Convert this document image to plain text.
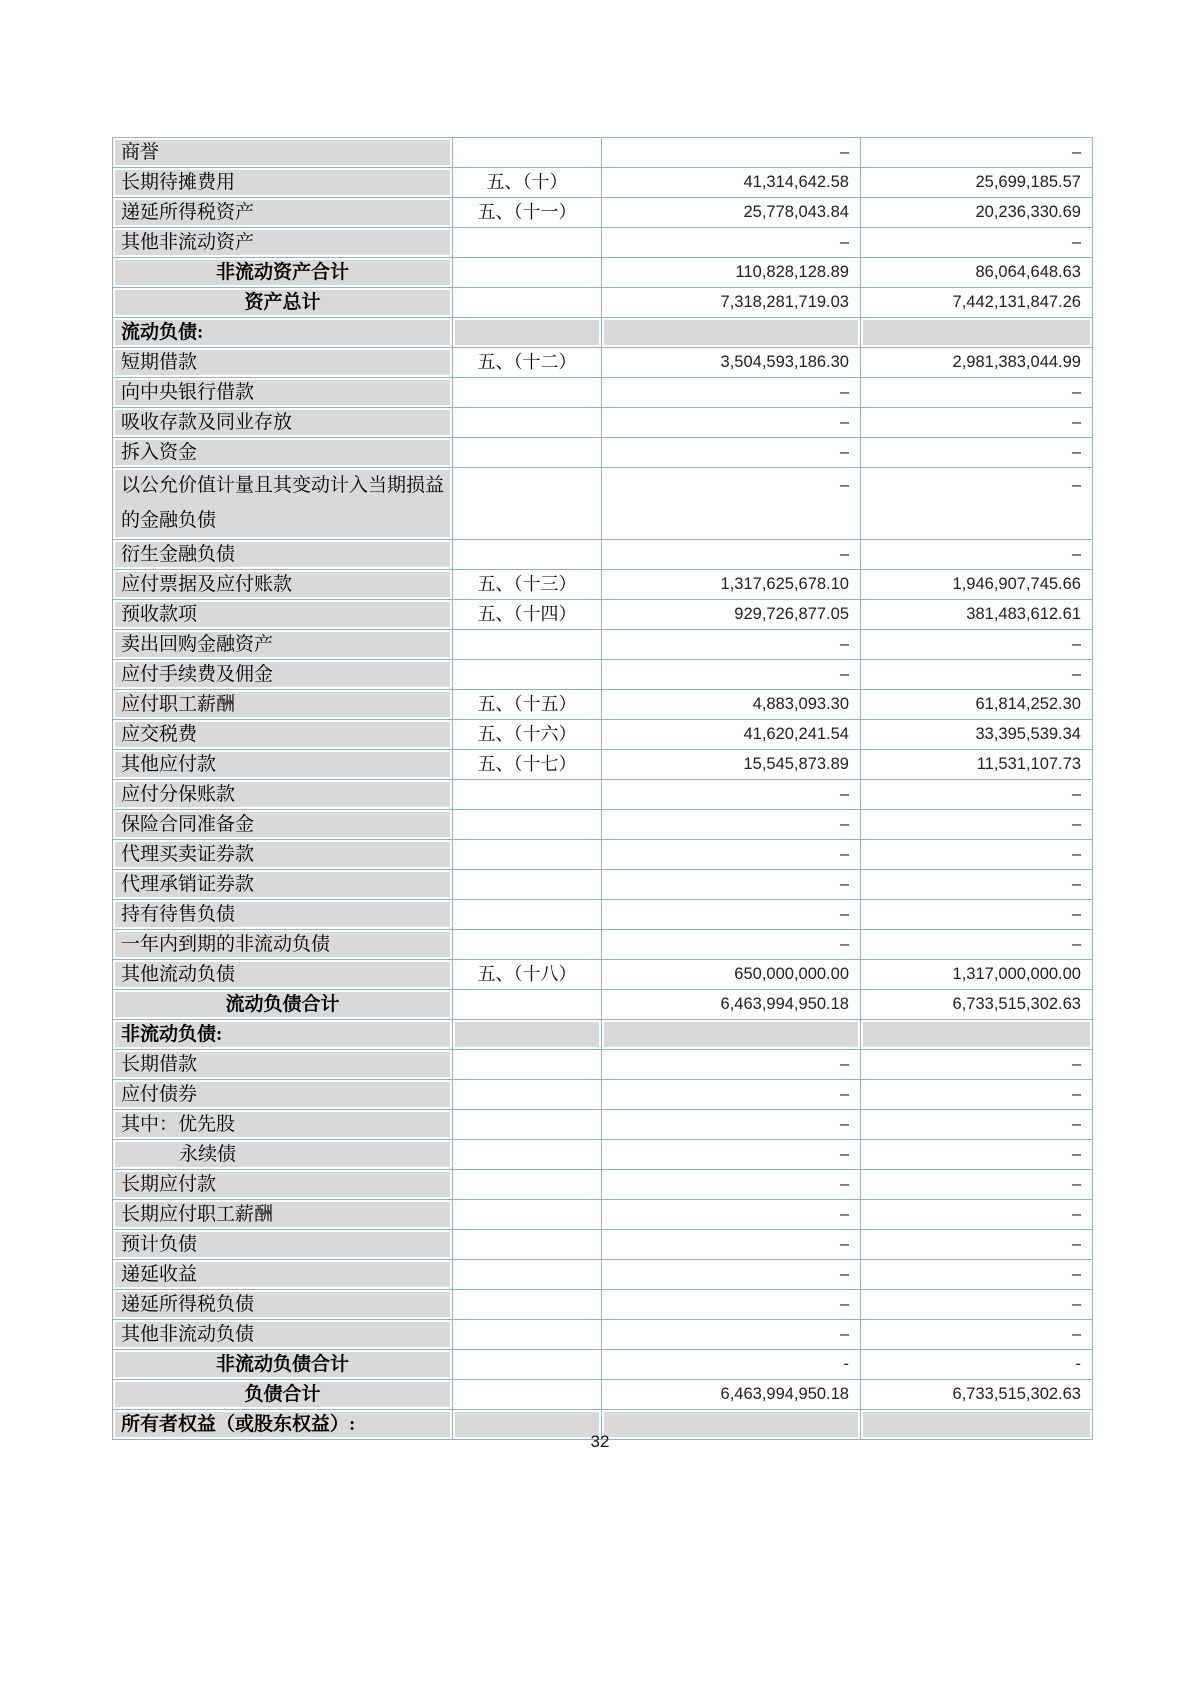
商誉		–	–
长期待摊费用	五、（十）	41,314,642.58	25,699,185.57
递延所得税资产	五、（十一）	25,778,043.84	20,236,330.69
其他非流动资产		–	–
非流动资产合计		110,828,128.89	86,064,648.63
资产总计		7,318,281,719.03	7,442,131,847.26
流动负债:			
短期借款	五、（十二）	3,504,593,186.30	2,981,383,044.99
向中央银行借款		–	–
吸收存款及同业存放		–	–
拆入资金		–	–
以公允价值计量且其变动计入当期损益的金融负债		–	–
衍生金融负债		–	–
应付票据及应付账款	五、（十三）	1,317,625,678.10	1,946,907,745.66
预收款项	五、（十四）	929,726,877.05	381,483,612.61
卖出回购金融资产		–	–
应付手续费及佣金		–	–
应付职工薪酬	五、（十五）	4,883,093.30	61,814,252.30
应交税费	五、（十六）	41,620,241.54	33,395,539.34
其他应付款	五、（十七）	15,545,873.89	11,531,107.73
应付分保账款		–	–
保险合同准备金		–	–
代理买卖证券款		–	–
代理承销证券款		–	–
持有待售负债		–	–
一年内到期的非流动负债		–	–
其他流动负债	五、（十八）	650,000,000.00	1,317,000,000.00
流动负债合计		6,463,994,950.18	6,733,515,302.63
非流动负债:			
长期借款		–	–
应付债券		–	–
其中：优先股		–	–
永续债		–	–
长期应付款		–	–
长期应付职工薪酬		–	–
预计负债		–	–
递延收益		–	–
递延所得税负债		–	–
其他非流动负债		–	–
非流动负债合计		-	-
负债合计		6,463,994,950.18	6,733,515,302.63
所有者权益（或股东权益）:			
32
